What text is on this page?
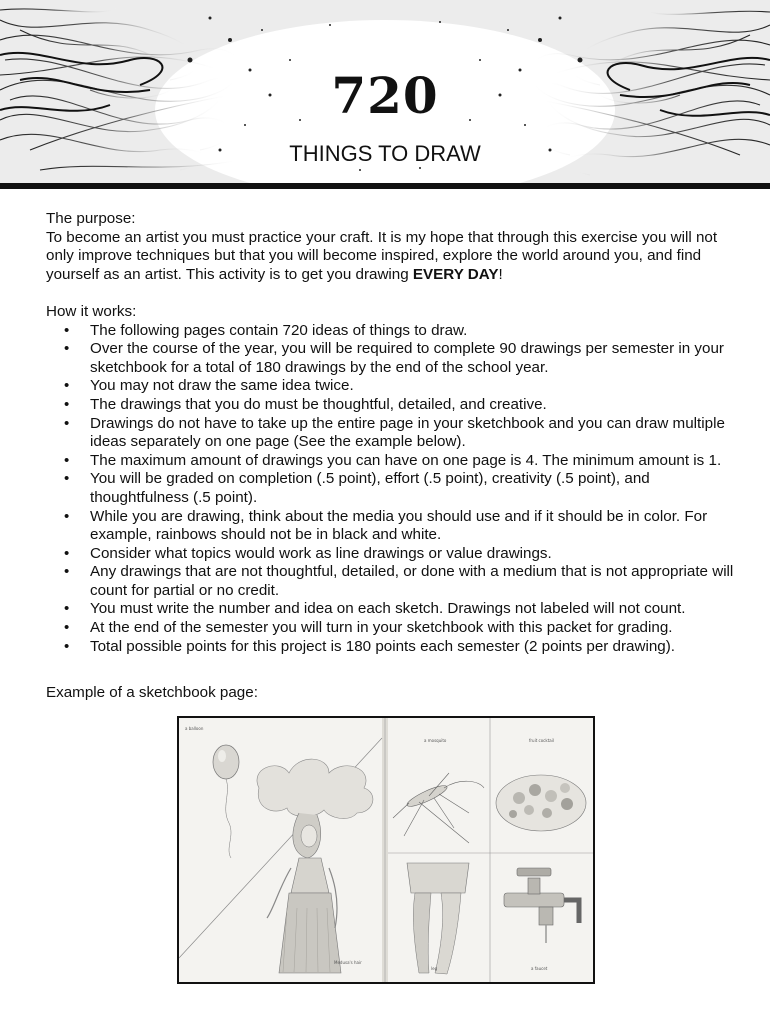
720
THINGS TO DRAW

The purpose:

To become an artist you must practice your craft. It is my hope that through this exercise you will not only improve techniques but that you will become inspired, explore the world around you, and find yourself as an artist. This activity is to get you drawing EVERY DAY!

How it works:

• The following pages contain 720 ideas of things to draw.
• Over the course of the year, you will be required to complete 90 drawings per semester in your sketchbook for a total of 180 drawings by the end of the school year.
• You may not draw the same idea twice.
• The drawings that you do must be thoughtful, detailed, and creative.
• Drawings do not have to take up the entire page in your sketchbook and you can draw multiple ideas separately on one page (See the example below).
• The maximum amount of drawings you can have on one page is 4. The minimum amount is 1.
• You will be graded on completion (.5 point), effort (.5 point), creativity (.5 point), and thoughtfulness (.5 point).
• While you are drawing, think about the media you should use and if it should be in color. For example, rainbows should not be in black and white.
• Consider what topics would work as line drawings or value drawings.
• Any drawings that are not thoughtful, detailed, or done with a medium that is not appropriate will count for partial or no credit.
• You must write the number and idea on each sketch. Drawings not labeled will not count.
• At the end of the semester you will turn in your sketchbook with this packet for grading.
• Total possible points for this project is 180 points each semester (2 points per drawing).
Example of a sketchbook page:
a balloon
a mosquito	fruit cocktail
leg	a faucet
Medusa's hair
